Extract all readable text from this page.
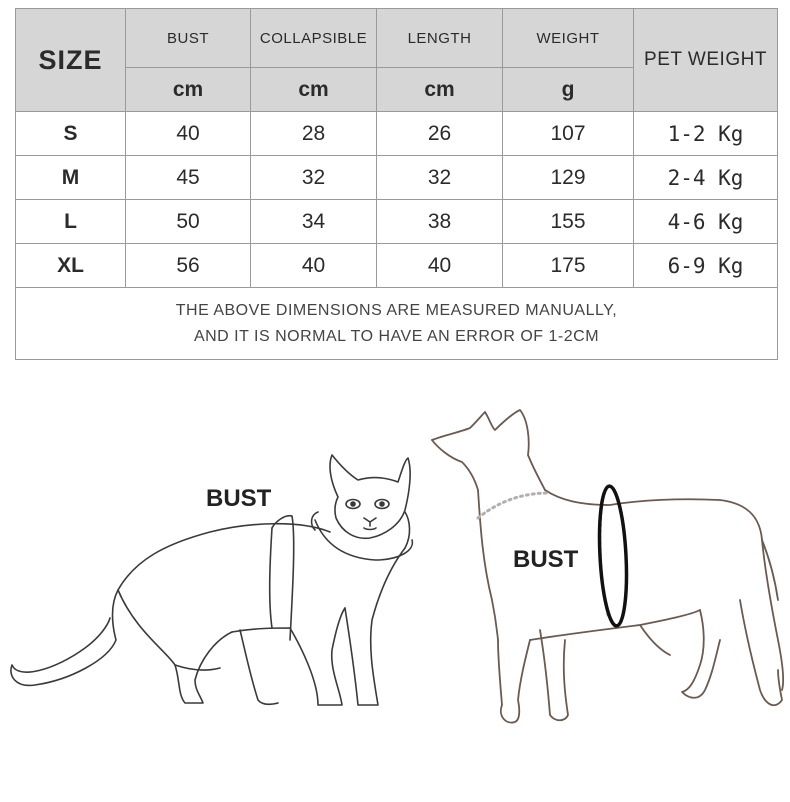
SIZE	BUST	COLLAPSIBLE	LENGTH	WEIGHT	PET WEIGHT
	cm	cm	cm	g	
S	40	28	26	107	1-2 Kg
M	45	32	32	129	2-4 Kg
L	50	34	38	155	4-6 Kg
XL	56	40	40	175	6-9 Kg

THE ABOVE DIMENSIONS ARE MEASURED MANUALLY,
AND IT IS NORMAL TO HAVE AN ERROR OF 1-2CM					
BUST
BUST
